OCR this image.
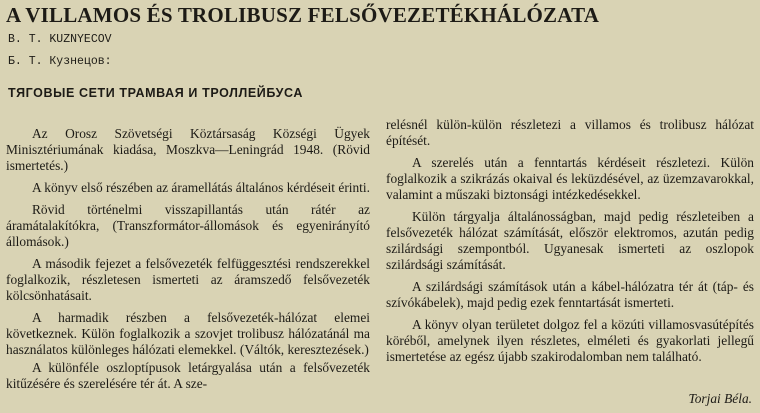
A VILLAMOS ÉS TROLIBUSZ FELSŐVEZETÉKHÁLÓZATA
B. T. KUZNYECOV
Б. Т. Кузнецов:
ТЯГОВЫЕ СЕТИ ТРАМВАЯ И ТРОЛЛЕЙБУСА

Az Orosz Szövetségi Köztársaság Községi Ügyek Minisztériumának kiadása, Moszkva—Leningrád 1948. (Rövid ismertetés.)

A könyv első részében az áramellátás általános kérdéseit érinti.

Rövid történelmi visszapillantás után rátér az áramátalakítókra, (Transzformátor-állomások és egyenirányító állomások.)

A második fejezet a felsővezeték felfüggesztési rendszerekkel foglalkozik, részletesen ismerteti az áramszedő felsővezeték kölcsönhatásait.

A harmadik részben a felsővezeték-hálózat elemei következnek. Külön foglalkozik a szovjet trolibusz hálózatánál ma használatos különleges hálózati elemekkel. (Váltók, keresztezések.)

A különféle oszloptípusok letárgyalása után a felsővezeték kitűzésére és szerelésére tér át. A sze-

relésnél külön-külön részletezi a villamos és trolibusz hálózat építését.

A szerelés után a fenntartás kérdéseit részletezi. Külön foglalkozik a szikrázás okaival és leküzdésével, az üzemzavarokkal, valamint a műszaki biztonsági intézkedésekkel.

Külön tárgyalja általánosságban, majd pedig részleteiben a felsővezeték hálózat számítását, először elektromos, azután pedig szilárdsági szempontból. Ugyanesak ismerteti az oszlopok szilárdsági számítását.

A szilárdsági számítások után a kábel-hálózatra tér át (táp- és szívókábelek), majd pedig ezek fenntartását ismerteti.

A könyv olyan területet dolgoz fel a közúti villamosvasútépítés köréből, amelynek ilyen részletes, elméleti és gyakorlati jellegű ismertetése az egész újabb szakirodalomban nem található.

Torjai Béla.
